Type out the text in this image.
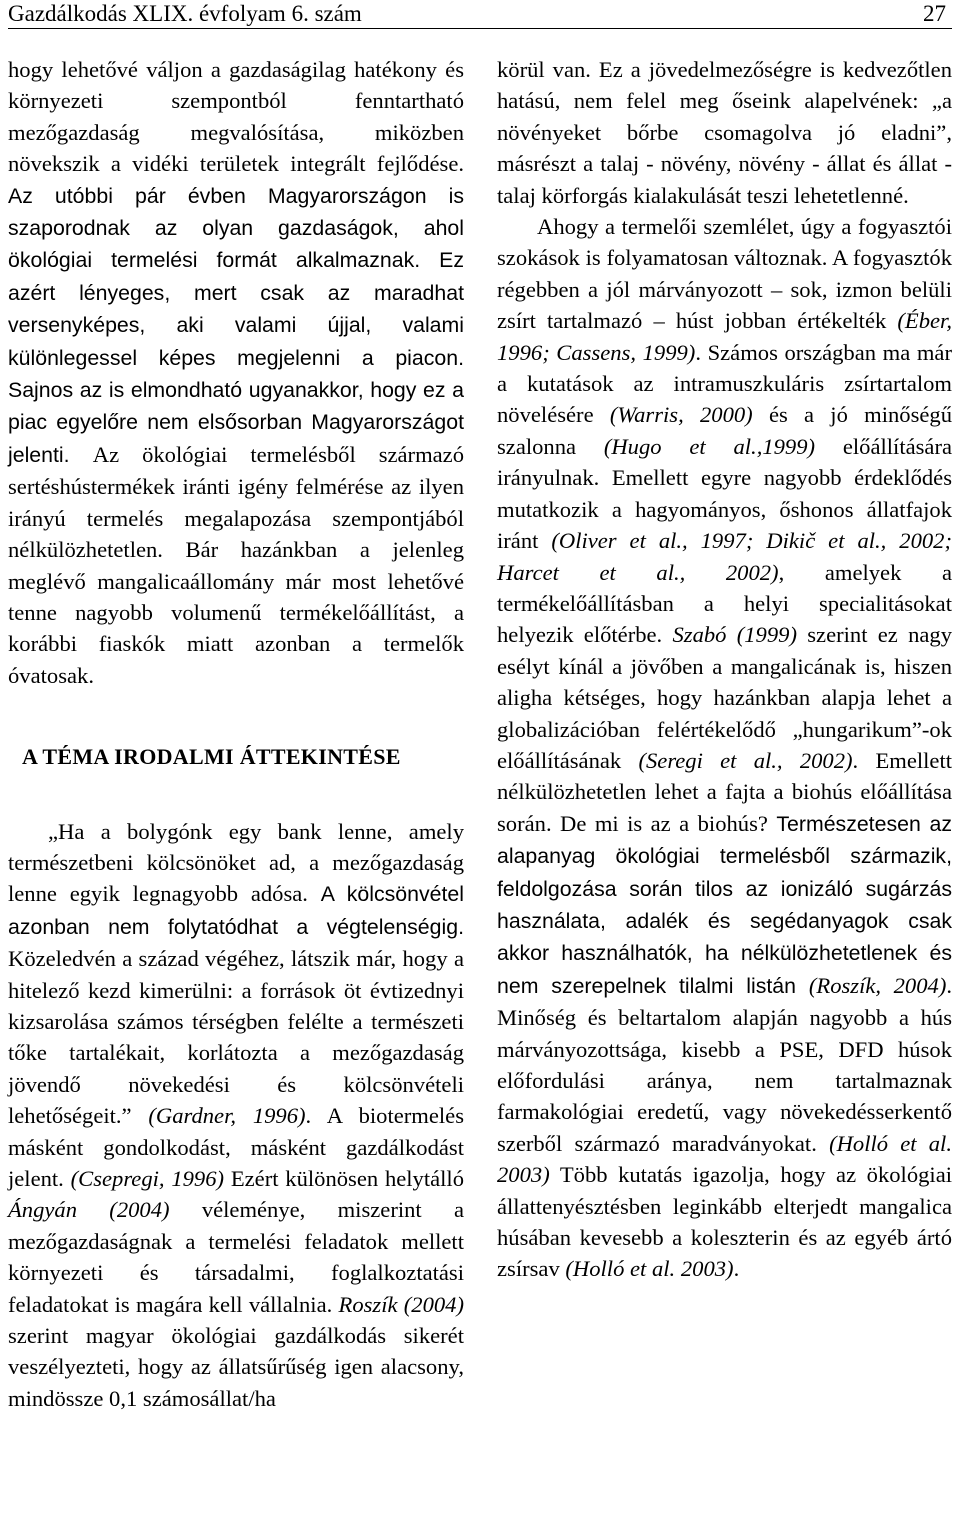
Gazdálkodás XLIX. évfolyam 6. szám	27

hogy lehetővé váljon a gazdaságilag hatékony és környezeti szempontból fenntartható mezőgazdaság megvalósítása, miközben növekszik a vidéki területek integrált fejlődése. Az utóbbi pár évben Magyarországon is szaporodnak az olyan gazdaságok, ahol ökológiai termelési formát alkalmaznak. Ez azért lényeges, mert csak az maradhat versenyképes, aki valami újjal, valami különlegessel képes megjelenni a piacon. Sajnos az is elmondható ugyanakkor, hogy ez a piac egyelőre nem elsősorban Magyarországot jelenti. Az ökológiai termelésből származó sertéshústermékek iránti igény felmérése az ilyen irányú termelés megalapozása szempontjából nélkülözhetetlen. Bár hazánkban a jelenleg meglévő mangalicaállomány már most lehetővé tenne nagyobb volumenű termékelőállítást, a korábbi fiaskók miatt azonban a termelők óvatosak.

A TÉMA IRODALMI ÁTTEKINTÉSE

„Ha a bolygónk egy bank lenne, amely természetbeni kölcsönöket ad, a mezőgazdaság lenne egyik legnagyobb adósa. A kölcsönvétel azonban nem folytatódhat a végtelenségig. Közeledvén a század végéhez, látszik már, hogy a hitelező kezd kimerülni: a források öt évtizednyi kizsarolása számos térségben felélte a természeti tőke tartalékait, korlátozta a mezőgazdaság jövendő növekedési és kölcsönvételi lehetőségeit.” (Gardner, 1996). A biotermelés másként gondolkodást, másként gazdálkodást jelent. (Csepregi, 1996) Ezért különösen helytálló Ángyán (2004) véleménye, miszerint a mezőgazdaságnak a termelési feladatok mellett környezeti és társadalmi, foglalkoztatási feladatokat is magára kell vállalnia. Roszík (2004) szerint magyar ökológiai gazdálkodás sikerét veszélyezteti, hogy az állatsűrűség igen alacsony, mindössze 0,1 számosállat/ha

körül van. Ez a jövedelmezőségre is kedvezőtlen hatású, nem felel meg őseink alapelvének: „a növényeket bőrbe csomagolva jó eladni”, másrészt a talaj - növény, növény - állat és állat - talaj körforgás kialakulását teszi lehetetlenné.

Ahogy a termelői szemlélet, úgy a fogyasztói szokások is folyamatosan változnak. A fogyasztók régebben a jól márványozott – sok, izmon belüli zsírt tartalmazó – húst jobban értékelték (Éber, 1996; Cassens, 1999). Számos országban ma már a kutatások az intramuszkuláris zsírtartalom növelésére (Warris, 2000) és a jó minőségű szalonna (Hugo et al.,1999) előállítására irányulnak. Emellett egyre nagyobb érdeklődés mutatkozik a hagyományos, őshonos állatfajok iránt (Oliver et al., 1997; Dikič et al., 2002; Harcet et al., 2002), amelyek a termékelőállításban a helyi specialitásokat helyezik előtérbe. Szabó (1999) szerint ez nagy esélyt kínál a jövőben a mangalicának is, hiszen aligha kétséges, hogy hazánkban alapja lehet a globalizációban felértékelődő „hungarikum”-ok előállításának (Seregi et al., 2002). Emellett nélkülözhetetlen lehet a fajta a biohús előállítása során. De mi is az a biohús? Természetesen az alapanyag ökológiai termelésből származik, feldolgozása során tilos az ionizáló sugárzás használata, adalék és segédanyagok csak akkor használhatók, ha nélkülözhetetlenek és nem szerepelnek tilalmi listán (Roszík, 2004). Minőség és beltartalom alapján nagyobb a hús márványozottsága, kisebb a PSE, DFD húsok előfordulási aránya, nem tartalmaznak farmakológiai eredetű, vagy növekedésserkentő szerből származó maradványokat. (Holló et al. 2003) Több kutatás igazolja, hogy az ökológiai állattenyésztésben leginkább elterjedt mangalica húsában kevesebb a koleszterin és az egyéb ártó zsírsav (Holló et al. 2003).
